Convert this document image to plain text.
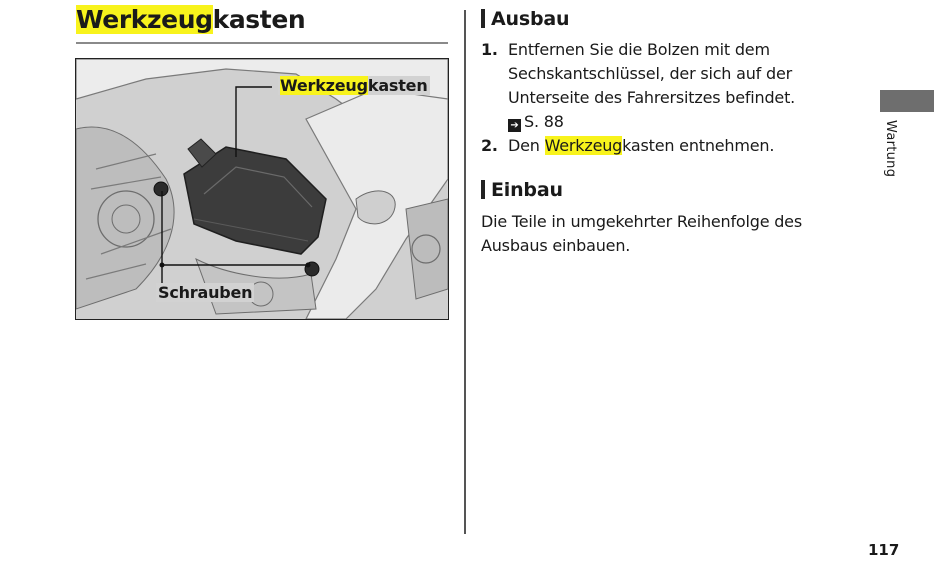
Werkzeugkasten
Werkzeugkasten
Schrauben
Ausbau
1. Entfernen Sie die Bolzen mit dem Sechskantschlüssel, der sich auf der Unterseite des Fahrersitzes befindet.
➔ S. 88
2. Den Werkzeugkasten entnehmen.
Einbau

Die Teile in umgekehrter Reihenfolge des Ausbaus einbauen.

Wartung
117
